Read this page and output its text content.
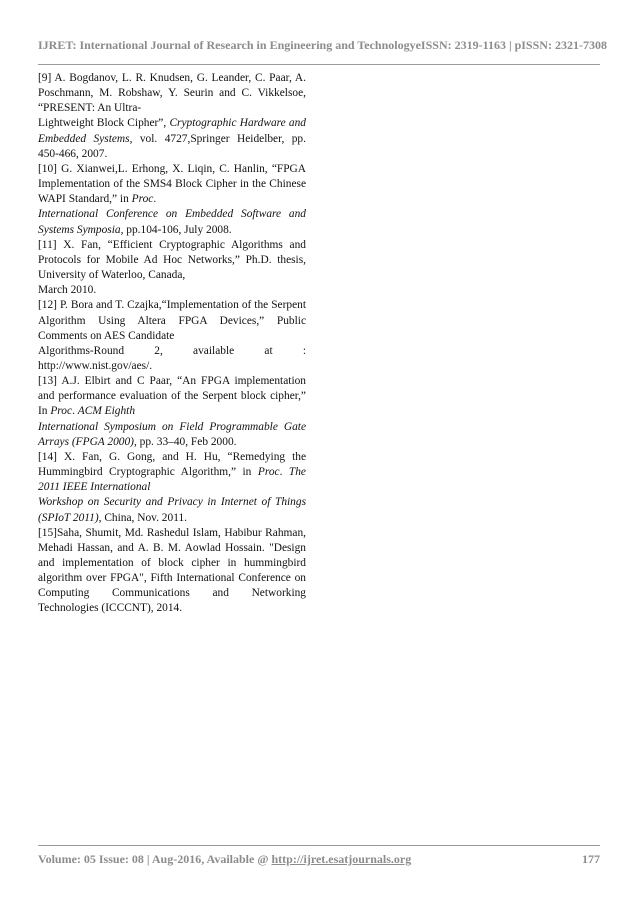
IJRET: International Journal of Research in Engineering and Technology eISSN: 2319-1163 | pISSN: 2321-7308

[9] A. Bogdanov, L. R. Knudsen, G. Leander, C. Paar, A. Poschmann, M. Robshaw, Y. Seurin and C. Vikkelsoe, “PRESENT: An Ultra-
Lightweight Block Cipher”, Cryptographic Hardware and Embedded Systems, vol. 4727,Springer Heidelber, pp. 450-466, 2007.

[10] G. Xianwei,L. Erhong, X. Liqin, C. Hanlin, “FPGA Implementation of the SMS4 Block Cipher in the Chinese WAPI Standard,” in Proc.
International Conference on Embedded Software and Systems Symposia, pp.104-106, July 2008.

[11] X. Fan, “Efficient Cryptographic Algorithms and Protocols for Mobile Ad Hoc Networks,” Ph.D. thesis, University of Waterloo, Canada,
March 2010.

[12] P. Bora and T. Czajka,“Implementation of the Serpent Algorithm Using Altera FPGA Devices,” Public Comments on AES Candidate
Algorithms-Round 2, available at : http://www.nist.gov/aes/.

[13] A.J. Elbirt and C Paar, “An FPGA implementation and performance evaluation of the Serpent block cipher,” In Proc. ACM Eighth
International Symposium on Field Programmable Gate Arrays (FPGA 2000), pp. 33–40, Feb 2000.

[14] X. Fan, G. Gong, and H. Hu, “Remedying the Hummingbird Cryptographic Algorithm,” in Proc. The 2011 IEEE International
Workshop on Security and Privacy in Internet of Things (SPIoT 2011), China, Nov. 2011.

[15]Saha, Shumit, Md. Rashedul Islam, Habibur Rahman, Mehadi Hassan, and A. B. M. Aowlad Hossain. "Design and implementation of block cipher in hummingbird algorithm over FPGA", Fifth International Conference on Computing Communications and Networking Technologies (ICCCNT), 2014.

Volume: 05 Issue: 08 | Aug-2016, Available @ http://ijret.esatjournals.org	177
